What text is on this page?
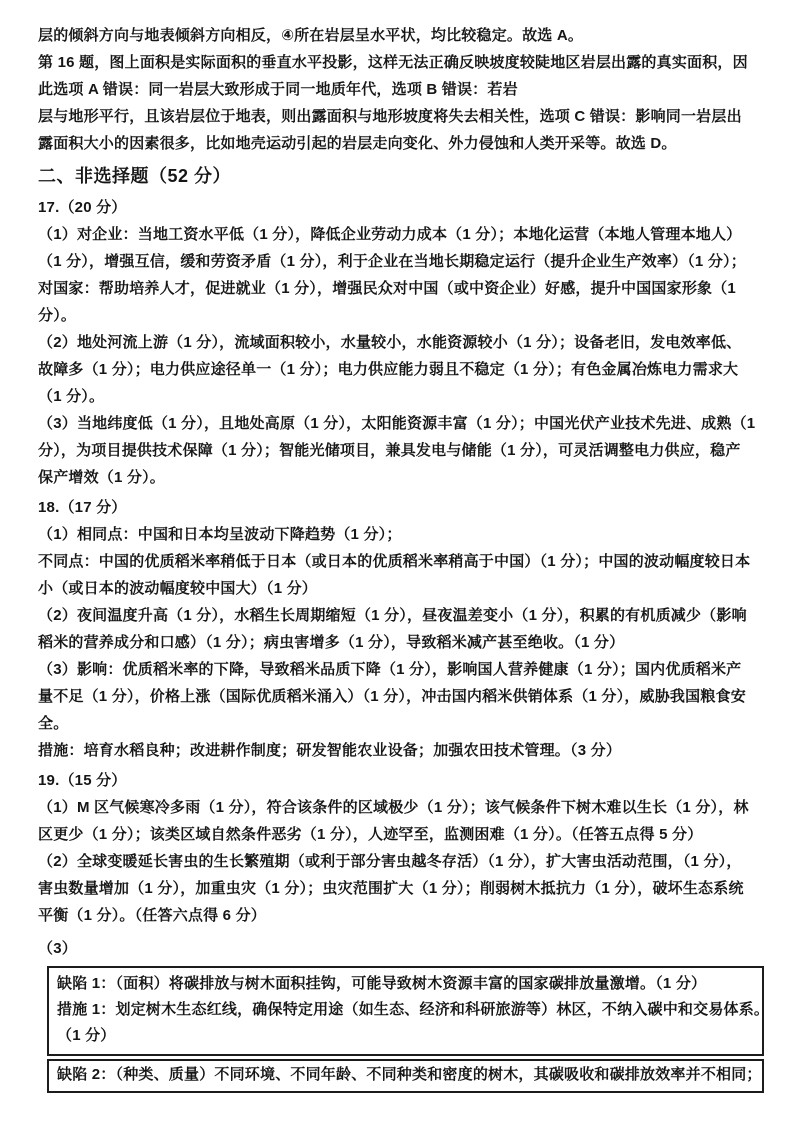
层的倾斜方向与地表倾斜方向相反，④所在岩层呈水平状，均比较稳定。故选 A。
第 16 题，图上面积是实际面积的垂直水平投影，这样无法正确反映坡度较陡地区岩层出露的真实面积，因
此选项 A 错误：同一岩层大致形成于同一地质年代，选项 B 错误：若岩
层与地形平行，且该岩层位于地表，则出露面积与地形坡度将失去相关性，选项 C 错误：影响同一岩层出
露面积大小的因素很多，比如地壳运动引起的岩层走向变化、外力侵蚀和人类开采等。故选 D。
二、非选择题（52 分）
17.（20 分）
（1）对企业：当地工资水平低（1 分），降低企业劳动力成本（1 分）；本地化运营（本地人管理本地人）
（1 分），增强互信，缓和劳资矛盾（1 分），利于企业在当地长期稳定运行（提升企业生产效率）（1 分）；
对国家：帮助培养人才，促进就业（1 分），增强民众对中国（或中资企业）好感，提升中国国家形象（1
分）。
（2）地处河流上游（1 分），流域面积较小，水量较小，水能资源较小（1 分）；设备老旧，发电效率低、
故障多（1 分）；电力供应途径单一（1 分）；电力供应能力弱且不稳定（1 分）；有色金属冶炼电力需求大
（1 分）。
（3）当地纬度低（1 分），且地处高原（1 分），太阳能资源丰富（1 分）；中国光伏产业技术先进、成熟（1
分），为项目提供技术保障（1 分）；智能光储项目，兼具发电与储能（1 分），可灵活调整电力供应，稳产
保产增效（1 分）。
18.（17 分）
（1）相同点：中国和日本均呈波动下降趋势（1 分）；
不同点：中国的优质稻米率稍低于日本（或日本的优质稻米率稍高于中国）（1 分）；中国的波动幅度较日本
小（或日本的波动幅度较中国大）（1 分）
（2）夜间温度升高（1 分），水稻生长周期缩短（1 分），昼夜温差变小（1 分），积累的有机质减少（影响
稻米的营养成分和口感）（1 分）；病虫害增多（1 分），导致稻米减产甚至绝收。（1 分）
（3）影响：优质稻米率的下降，导致稻米品质下降（1 分），影响国人营养健康（1 分）；国内优质稻米产
量不足（1 分），价格上涨（国际优质稻米涌入）（1 分），冲击国内稻米供销体系（1 分），威胁我国粮食安
全。
措施：培育水稻良种；改进耕作制度；研发智能农业设备；加强农田技术管理。（3 分）
19.（15 分）
（1）M 区气候寒冷多雨（1 分），符合该条件的区域极少（1 分）；该气候条件下树木难以生长（1 分），林
区更少（1 分）；该类区域自然条件恶劣（1 分），人迹罕至，监测困难（1 分）。（任答五点得 5 分）
（2）全球变暖延长害虫的生长繁殖期（或利于部分害虫越冬存活）（1 分），扩大害虫活动范围，（1 分），
害虫数量增加（1 分），加重虫灾（1 分）；虫灾范围扩大（1 分）；削弱树木抵抗力（1 分），破坏生态系统
平衡（1 分）。（任答六点得 6 分）
（3）
缺陷 1：（面积）将碳排放与树木面积挂钩，可能导致树木资源丰富的国家碳排放量激增。（1 分）
措施 1：划定树木生态红线，确保特定用途（如生态、经济和科研旅游等）林区，不纳入碳中和交易体系。
（1 分）
缺陷 2：（种类、质量）不同环境、不同年龄、不同种类和密度的树木，其碳吸收和碳排放效率并不相同；
